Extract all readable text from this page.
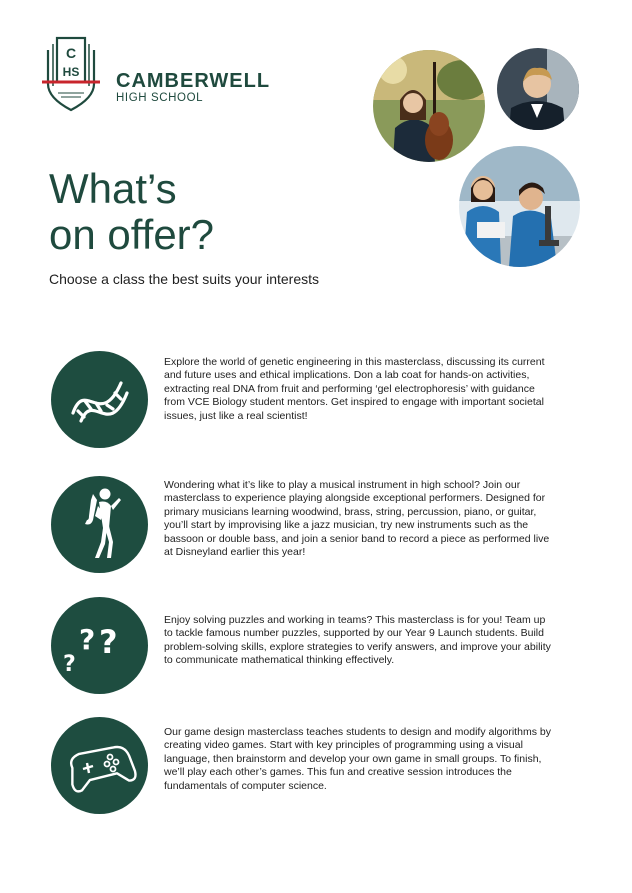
C
HS CAMBERWELL
HIGH SCHOOL
What’s
on offer?
Choose a class the best suits your interests

Explore the world of genetic engineering in this masterclass, discussing its current and future uses and ethical implications. Don a lab coat for hands-on activities, extracting real DNA from fruit and performing ‘gel electrophoresis’ with guidance from VCE Biology student mentors. Get inspired to engage with important societal issues, just like a real scientist!

Wondering what it’s like to play a musical instrument in high school? Join our masterclass to experience playing alongside exceptional performers. Designed for primary musicians learning woodwind, brass, string, percussion, piano, or guitar, you’ll start by improvising like a jazz musician, try new instruments such as the bassoon or double bass, and join a senior band to record a piece as performed live at Disneyland earlier this year!

? ?
?

Enjoy solving puzzles and working in teams? This masterclass is for you! Team up to tackle famous number puzzles, supported by our Year 9 Launch students. Build problem-solving skills, explore strategies to verify answers, and improve your ability to communicate mathematical thinking effectively.

Our game design masterclass teaches students to design and modify algorithms by creating video games. Start with key principles of programming using a visual language, then brainstorm and develop your own game in small groups. To finish, we’ll play each other’s games. This fun and creative session introduces the fundamentals of computer science.
